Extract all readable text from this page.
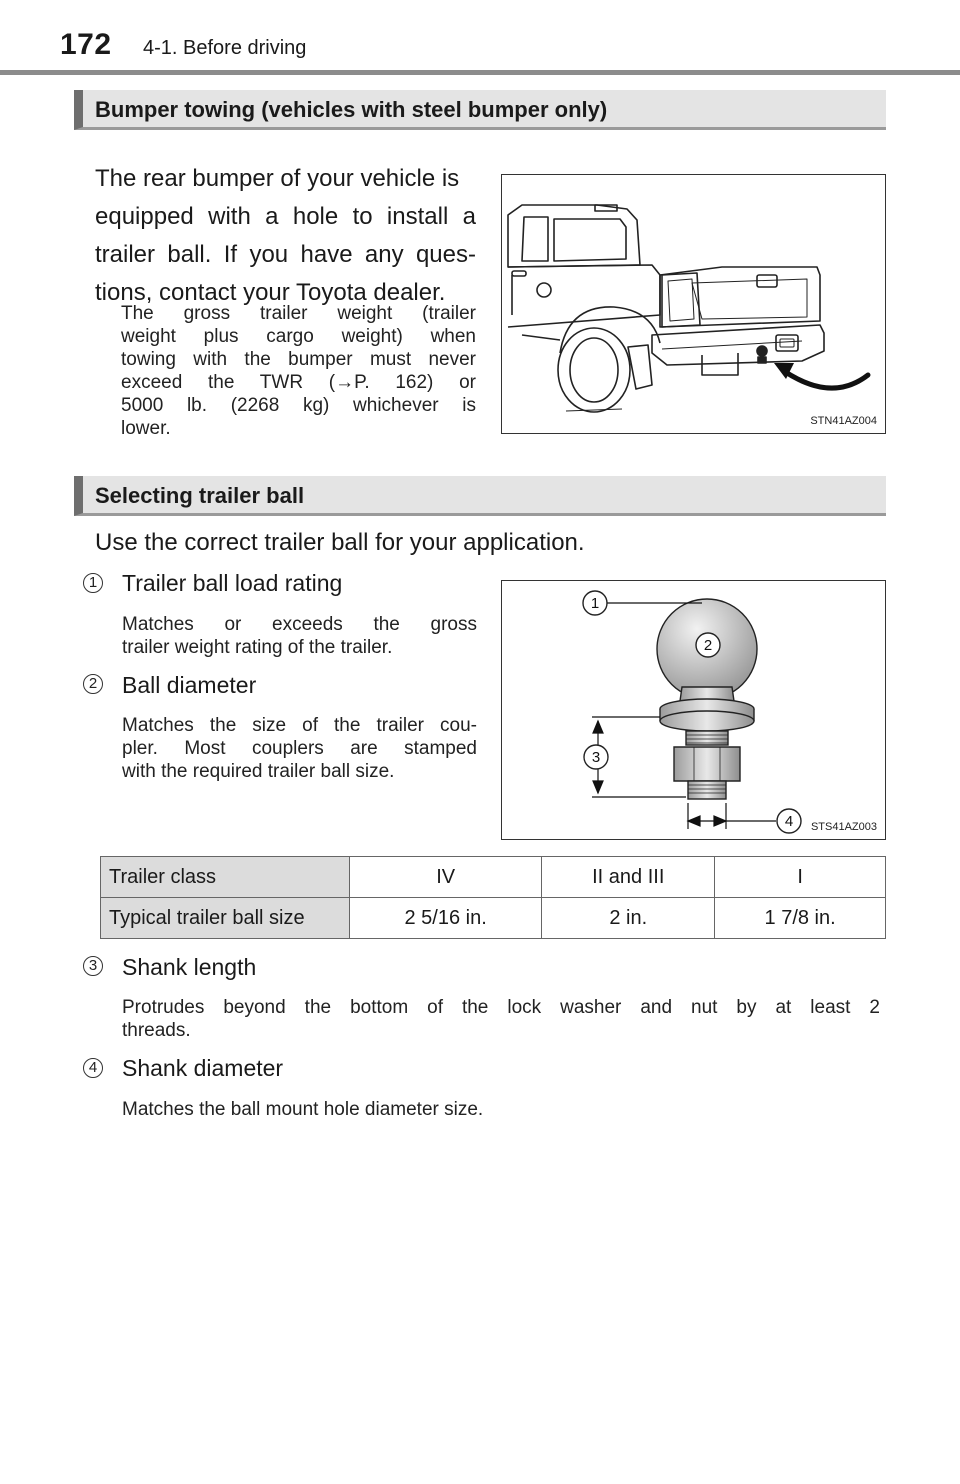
172 4-1. Before driving
Bumper towing (vehicles with steel bumper only)
The rear bumper of your vehicle is
equipped with a hole to install a
trailer ball. If you have any ques-
tions, contact your Toyota dealer.
The gross trailer weight (trailer
weight plus cargo weight) when
towing with the bumper must never
exceed the TWR (→P. 162) or
5000 lb. (2268 kg) whichever is
lower.	STN41AZ004
Selecting trailer ball
Use the correct trailer ball for your application.
1 Trailer ball load rating
Matches or exceeds the gross
trailer weight rating of the trailer.
2 Ball diameter
Matches the size of the trailer cou-
pler. Most couplers are stamped
with the required trailer ball size.
1
2
3
4 STS41AZ003
Trailer class	IV	II and III	I
Typical trailer ball size	2 5/16 in.	2 in.	1 7/8 in.
3 Shank length
Protrudes beyond the bottom of the lock washer and nut by at least 2
threads.
4 Shank diameter
Matches the ball mount hole diameter size.
